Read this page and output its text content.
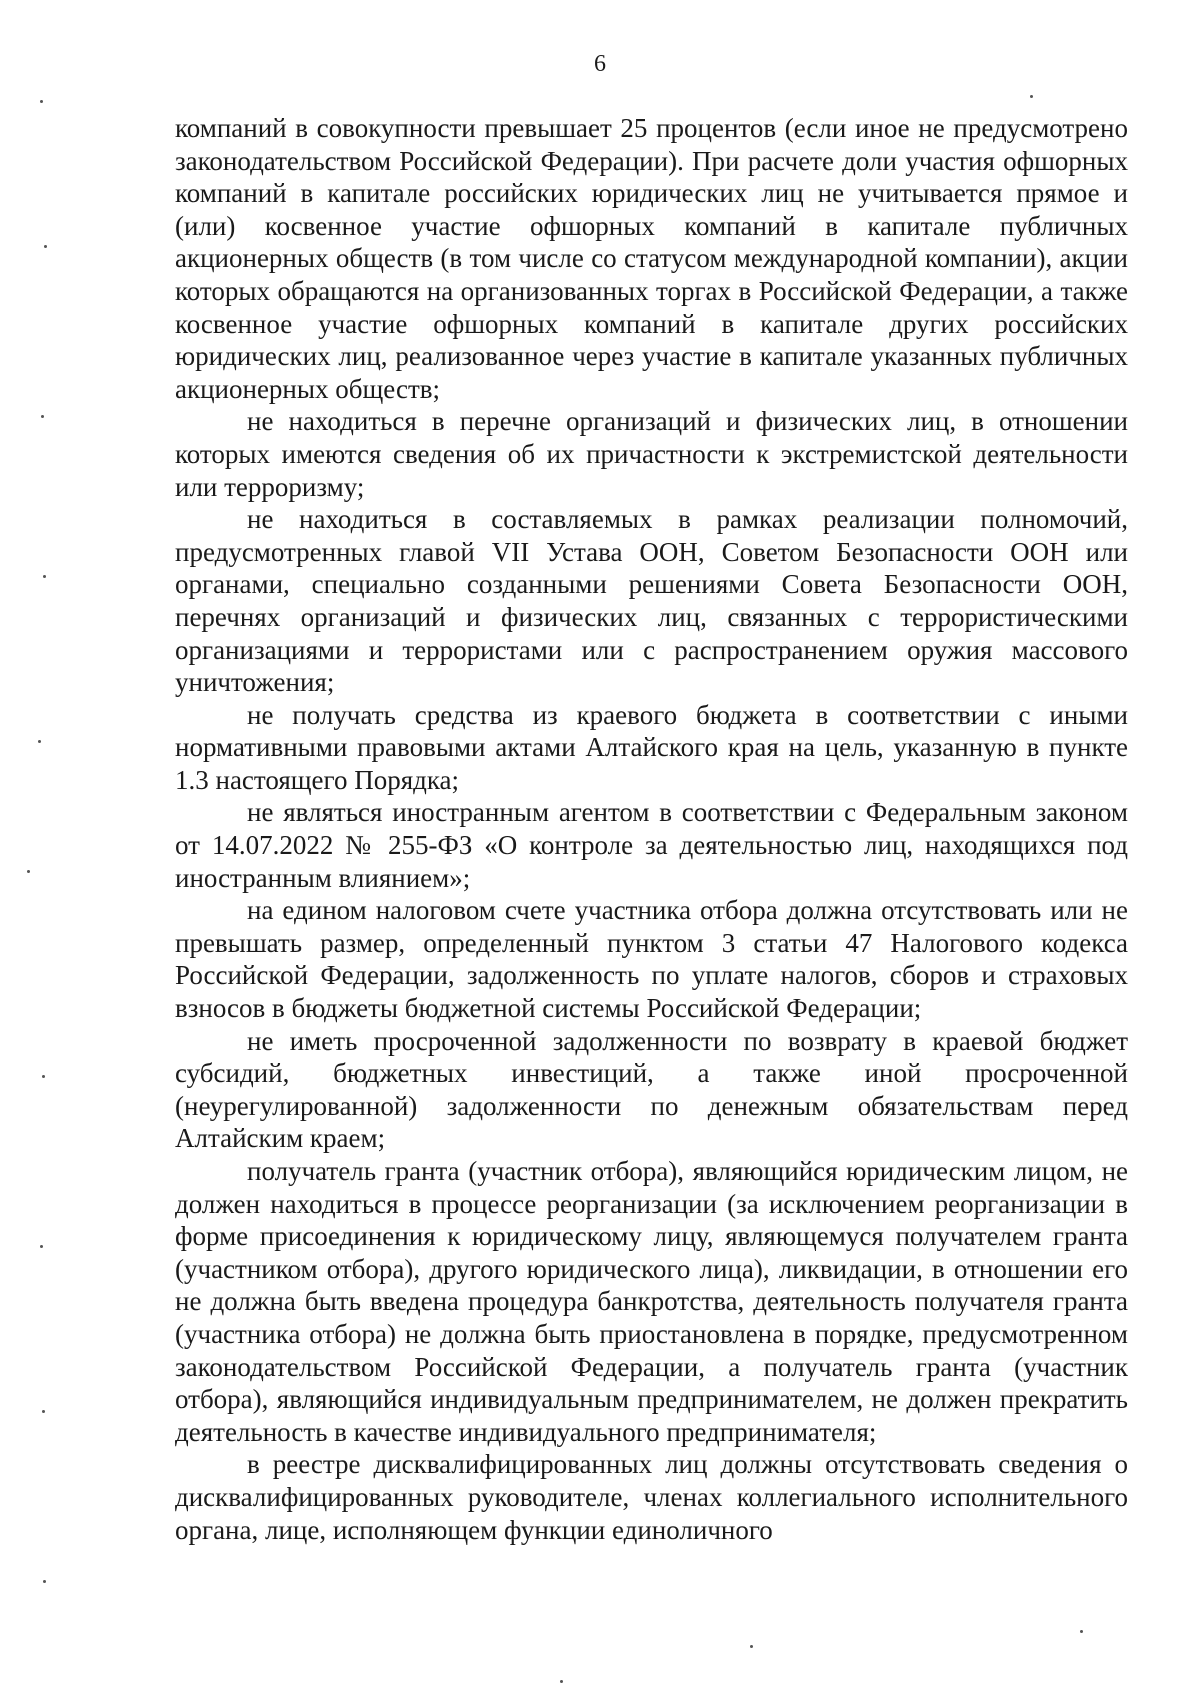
6

компаний в совокупности превышает 25 процентов (если иное не предусмотрено законодательством Российской Федерации). При расчете доли участия офшорных компаний в капитале российских юридических лиц не учитывается прямое и (или) косвенное участие офшорных компаний в капитале публичных акционерных обществ (в том числе со статусом международной компании), акции которых обращаются на организованных торгах в Российской Федерации, а также косвенное участие офшорных компаний в капитале других российских юридических лиц, реализованное через участие в капитале указанных публичных акционерных обществ;

не находиться в перечне организаций и физических лиц, в отношении которых имеются сведения об их причастности к экстремистской деятельности или терроризму;

не находиться в составляемых в рамках реализации полномочий, предусмотренных главой VII Устава ООН, Советом Безопасности ООН или органами, специально созданными решениями Совета Безопасности ООН, перечнях организаций и физических лиц, связанных с террористическими организациями и террористами или с распространением оружия массового уничтожения;

не получать средства из краевого бюджета в соответствии с иными нормативными правовыми актами Алтайского края на цель, указанную в пункте 1.3 настоящего Порядка;

не являться иностранным агентом в соответствии с Федеральным законом от 14.07.2022 № 255-ФЗ «О контроле за деятельностью лиц, находящихся под иностранным влиянием»;

на едином налоговом счете участника отбора должна отсутствовать или не превышать размер, определенный пунктом 3 статьи 47 Налогового кодекса Российской Федерации, задолженность по уплате налогов, сборов и страховых взносов в бюджеты бюджетной системы Российской Федерации;

не иметь просроченной задолженности по возврату в краевой бюджет субсидий, бюджетных инвестиций, а также иной просроченной (неурегулированной) задолженности по денежным обязательствам перед Алтайским краем;

получатель гранта (участник отбора), являющийся юридическим лицом, не должен находиться в процессе реорганизации (за исключением реорганизации в форме присоединения к юридическому лицу, являющемуся получателем гранта (участником отбора), другого юридического лица), ликвидации, в отношении его не должна быть введена процедура банкротства, деятельность получателя гранта (участника отбора) не должна быть приостановлена в порядке, предусмотренном законодательством Российской Федерации, а получатель гранта (участник отбора), являющийся индивидуальным предпринимателем, не должен прекратить деятельность в качестве индивидуального предпринимателя;

в реестре дисквалифицированных лиц должны отсутствовать сведения о дисквалифицированных руководителе, членах коллегиального исполнительного органа, лице, исполняющем функции единоличного
